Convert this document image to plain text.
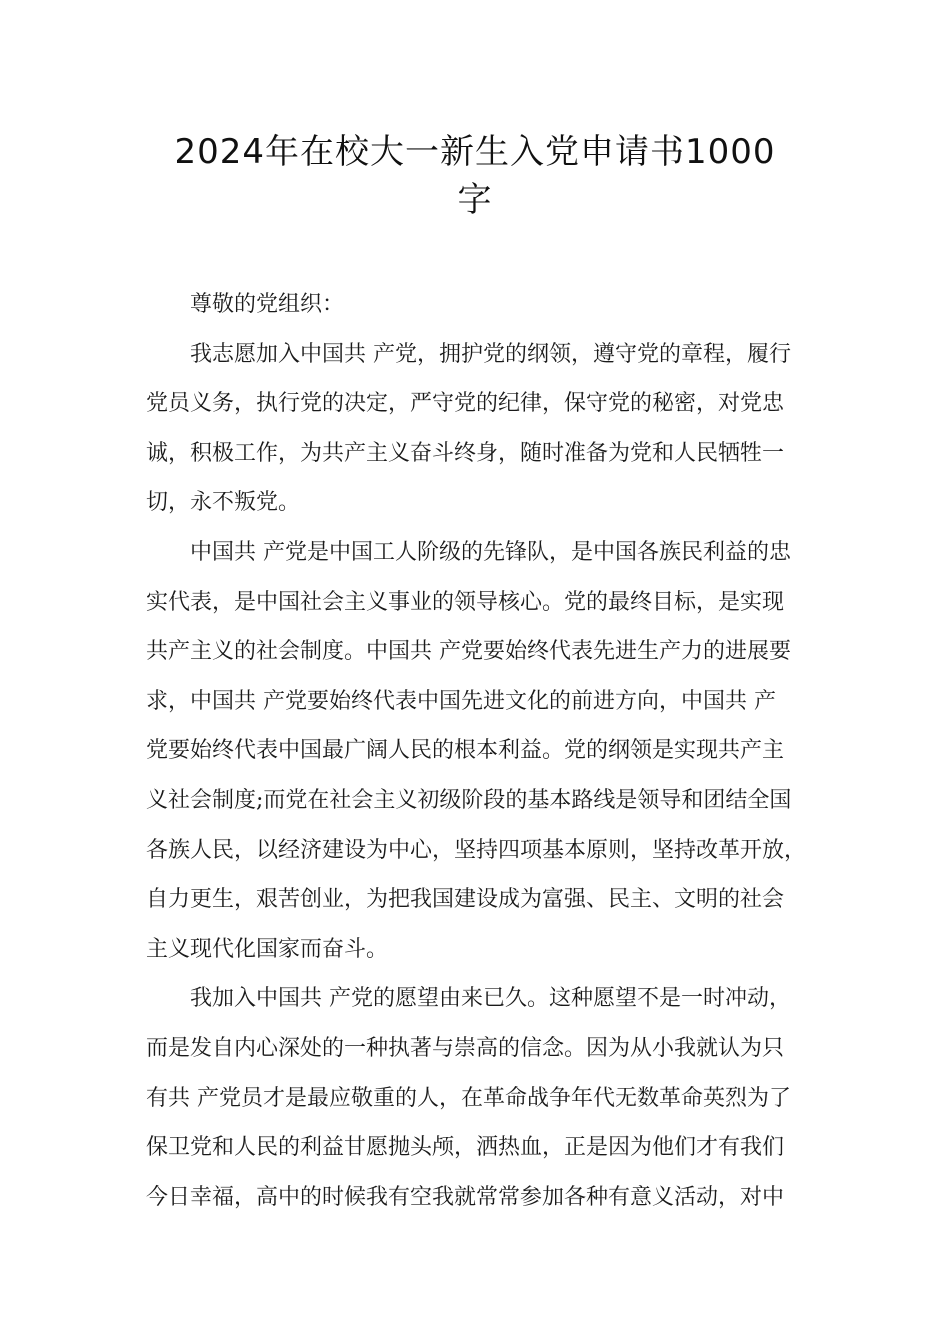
2024年在校大一新生入党申请书1000
字
尊敬的党组织：
我志愿加入中国共 产党，拥护党的纲领，遵守党的章程，履行
党员义务，执行党的决定，严守党的纪律，保守党的秘密，对党忠
诚，积极工作，为共产主义奋斗终身，随时准备为党和人民牺牲一
切，永不叛党。
中国共 产党是中国工人阶级的先锋队，是中国各族民利益的忠
实代表，是中国社会主义事业的领导核心。党的最终目标，是实现
共产主义的社会制度。中国共 产党要始终代表先进生产力的进展要
求，中国共 产党要始终代表中国先进文化的前进方向，中国共 产
党要始终代表中国最广阔人民的根本利益。党的纲领是实现共产主
义社会制度;而党在社会主义初级阶段的基本路线是领导和团结全国
各族人民，以经济建设为中心，坚持四项基本原则，坚持改革开放，
自力更生，艰苦创业，为把我国建设成为富强、民主、文明的社会
主义现代化国家而奋斗。
我加入中国共 产党的愿望由来已久。这种愿望不是一时冲动，
而是发自内心深处的一种执著与崇高的信念。因为从小我就认为只
有共 产党员才是最应敬重的人，在革命战争年代无数革命英烈为了
保卫党和人民的利益甘愿抛头颅，洒热血，正是因为他们才有我们
今日幸福，高中的时候我有空我就常常参加各种有意义活动，对中
